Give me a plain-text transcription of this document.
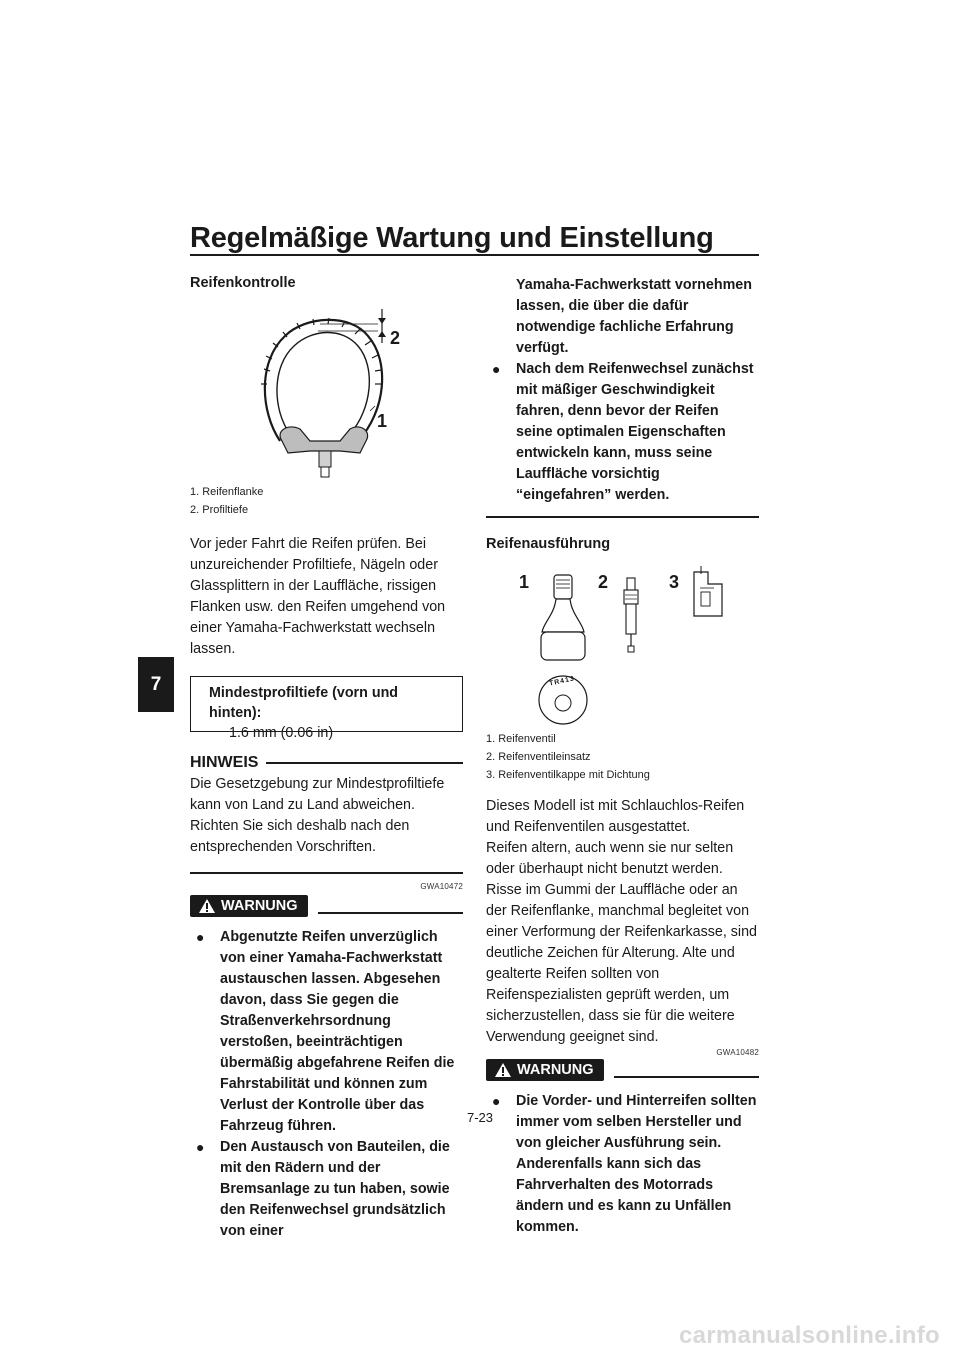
Regelmäßige Wartung und Einstellung
7
Reifenkontrolle
2
1
1. Reifenflanke
2. Profiltiefe
Vor jeder Fahrt die Reifen prüfen. Bei unzureichender Profiltiefe, Nägeln oder Glassplittern in der Lauffläche, rissigen Flanken usw. den Reifen umgehend von einer Yamaha-Fachwerkstatt wechseln lassen.
Mindestprofiltiefe (vorn und hinten):
1.6 mm (0.06 in)
HINWEIS
Die Gesetzgebung zur Mindestprofiltiefe kann von Land zu Land abweichen. Richten Sie sich deshalb nach den entsprechenden Vorschriften.
GWA10472
WARNUNG
● Abgenutzte Reifen unverzüglich von einer Yamaha-Fachwerkstatt austauschen lassen. Abgesehen davon, dass Sie gegen die Straßenverkehrsordnung verstoßen, beeinträchtigen übermäßig abgefahrene Reifen die Fahrstabilität und können zum Verlust der Kontrolle über das Fahrzeug führen.
● Den Austausch von Bauteilen, die mit den Rädern und der Bremsanlage zu tun haben, sowie den Reifenwechsel grundsätzlich von einer
Yamaha-Fachwerkstatt vornehmen lassen, die über die dafür notwendige fachliche Erfahrung verfügt.
● Nach dem Reifenwechsel zunächst mit mäßiger Geschwindigkeit fahren, denn bevor der Reifen seine optimalen Eigenschaften entwickeln kann, muss seine Lauffläche vorsichtig “eingefahren” werden.
Reifenausführung
1	2	3
TR413
1. Reifenventil
2. Reifenventileinsatz
3. Reifenventilkappe mit Dichtung
Dieses Modell ist mit Schlauchlos-Reifen und Reifenventilen ausgestattet.
Reifen altern, auch wenn sie nur selten oder überhaupt nicht benutzt werden. Risse im Gummi der Lauffläche oder an der Reifenflanke, manchmal begleitet von einer Verformung der Reifenkarkasse, sind deutliche Zeichen für Alterung. Alte und gealterte Reifen sollten von Reifenspezialisten geprüft werden, um sicherzustellen, dass sie für die weitere Verwendung geeignet sind.
GWA10482
WARNUNG
● Die Vorder- und Hinterreifen sollten immer vom selben Hersteller und von gleicher Ausführung sein. Anderenfalls kann sich das Fahrverhalten des Motorrads ändern und es kann zu Unfällen kommen.
7-23
carmanualsonline.info
